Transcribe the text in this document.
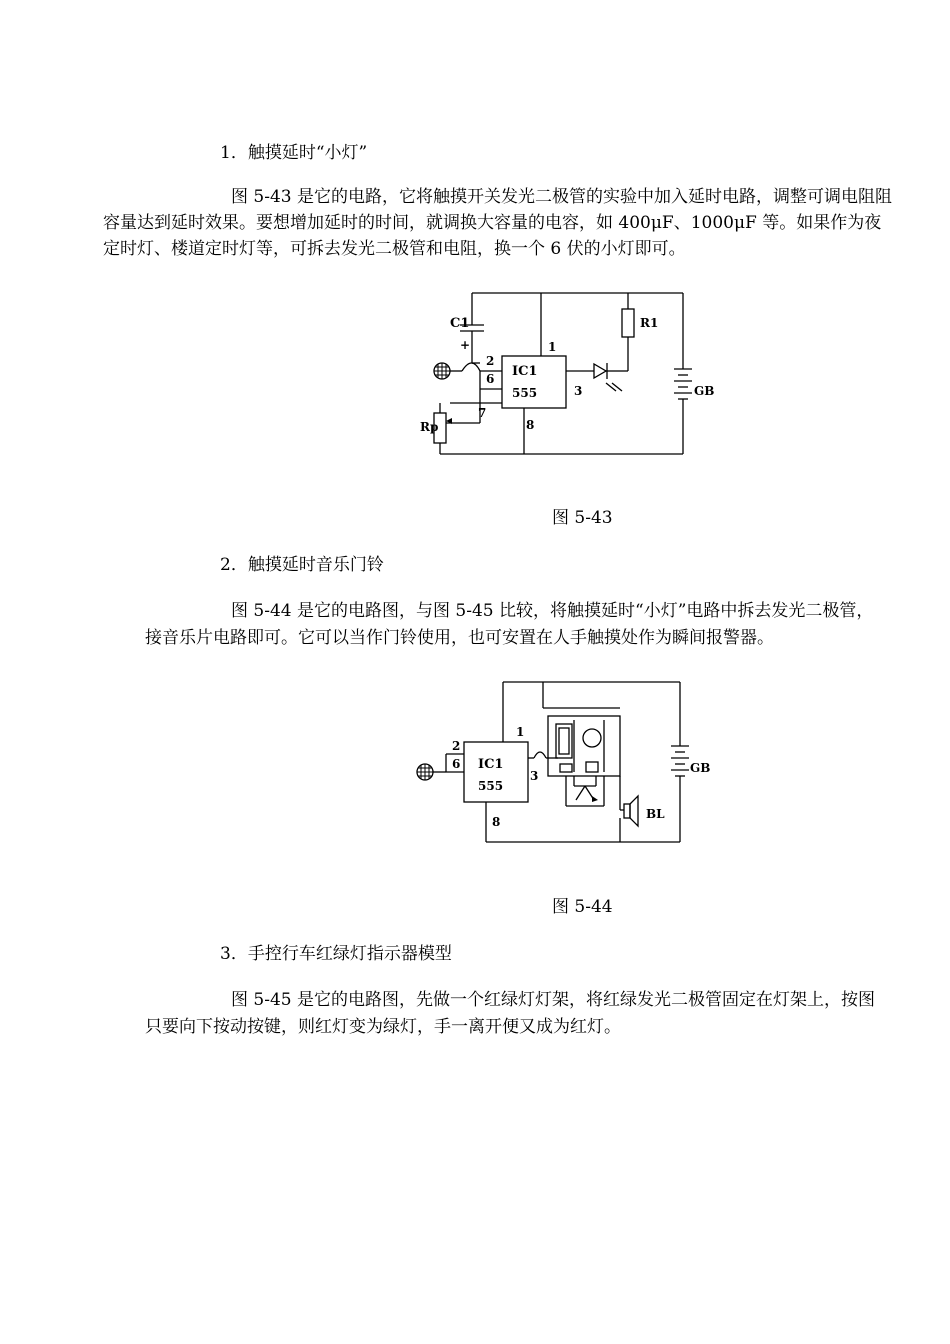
1．触摸延时“小灯”

图 5-43 是它的电路，它将触摸开关发光二极管的实验中加入延时电路，调整可调电阻阻

容量达到延时效果。要想增加延时的时间，就调换大容量的电容，如 400μF、1000μF 等。如果作为夜

定时灯、楼道定时灯等，可拆去发光二极管和电阻，换一个 6 伏的小灯即可。

C1
+
2
6
7
1
3
8
IC1
555
R1
Rp
GB
图 5-43

2．触摸延时音乐门铃

图 5-44 是它的电路图，与图 5-45 比较，将触摸延时“小灯”电路中拆去发光二极管，

接音乐片电路即可。它可以当作门铃使用，也可安置在人手触摸处作为瞬间报警器。

2
6
1
3
8
IC1
555
GB
BL
图 5-44

3．手控行车红绿灯指示器模型

图 5-45 是它的电路图，先做一个红绿灯灯架，将红绿发光二极管固定在灯架上，按图

只要向下按动按键，则红灯变为绿灯，手一离开便又成为红灯。
